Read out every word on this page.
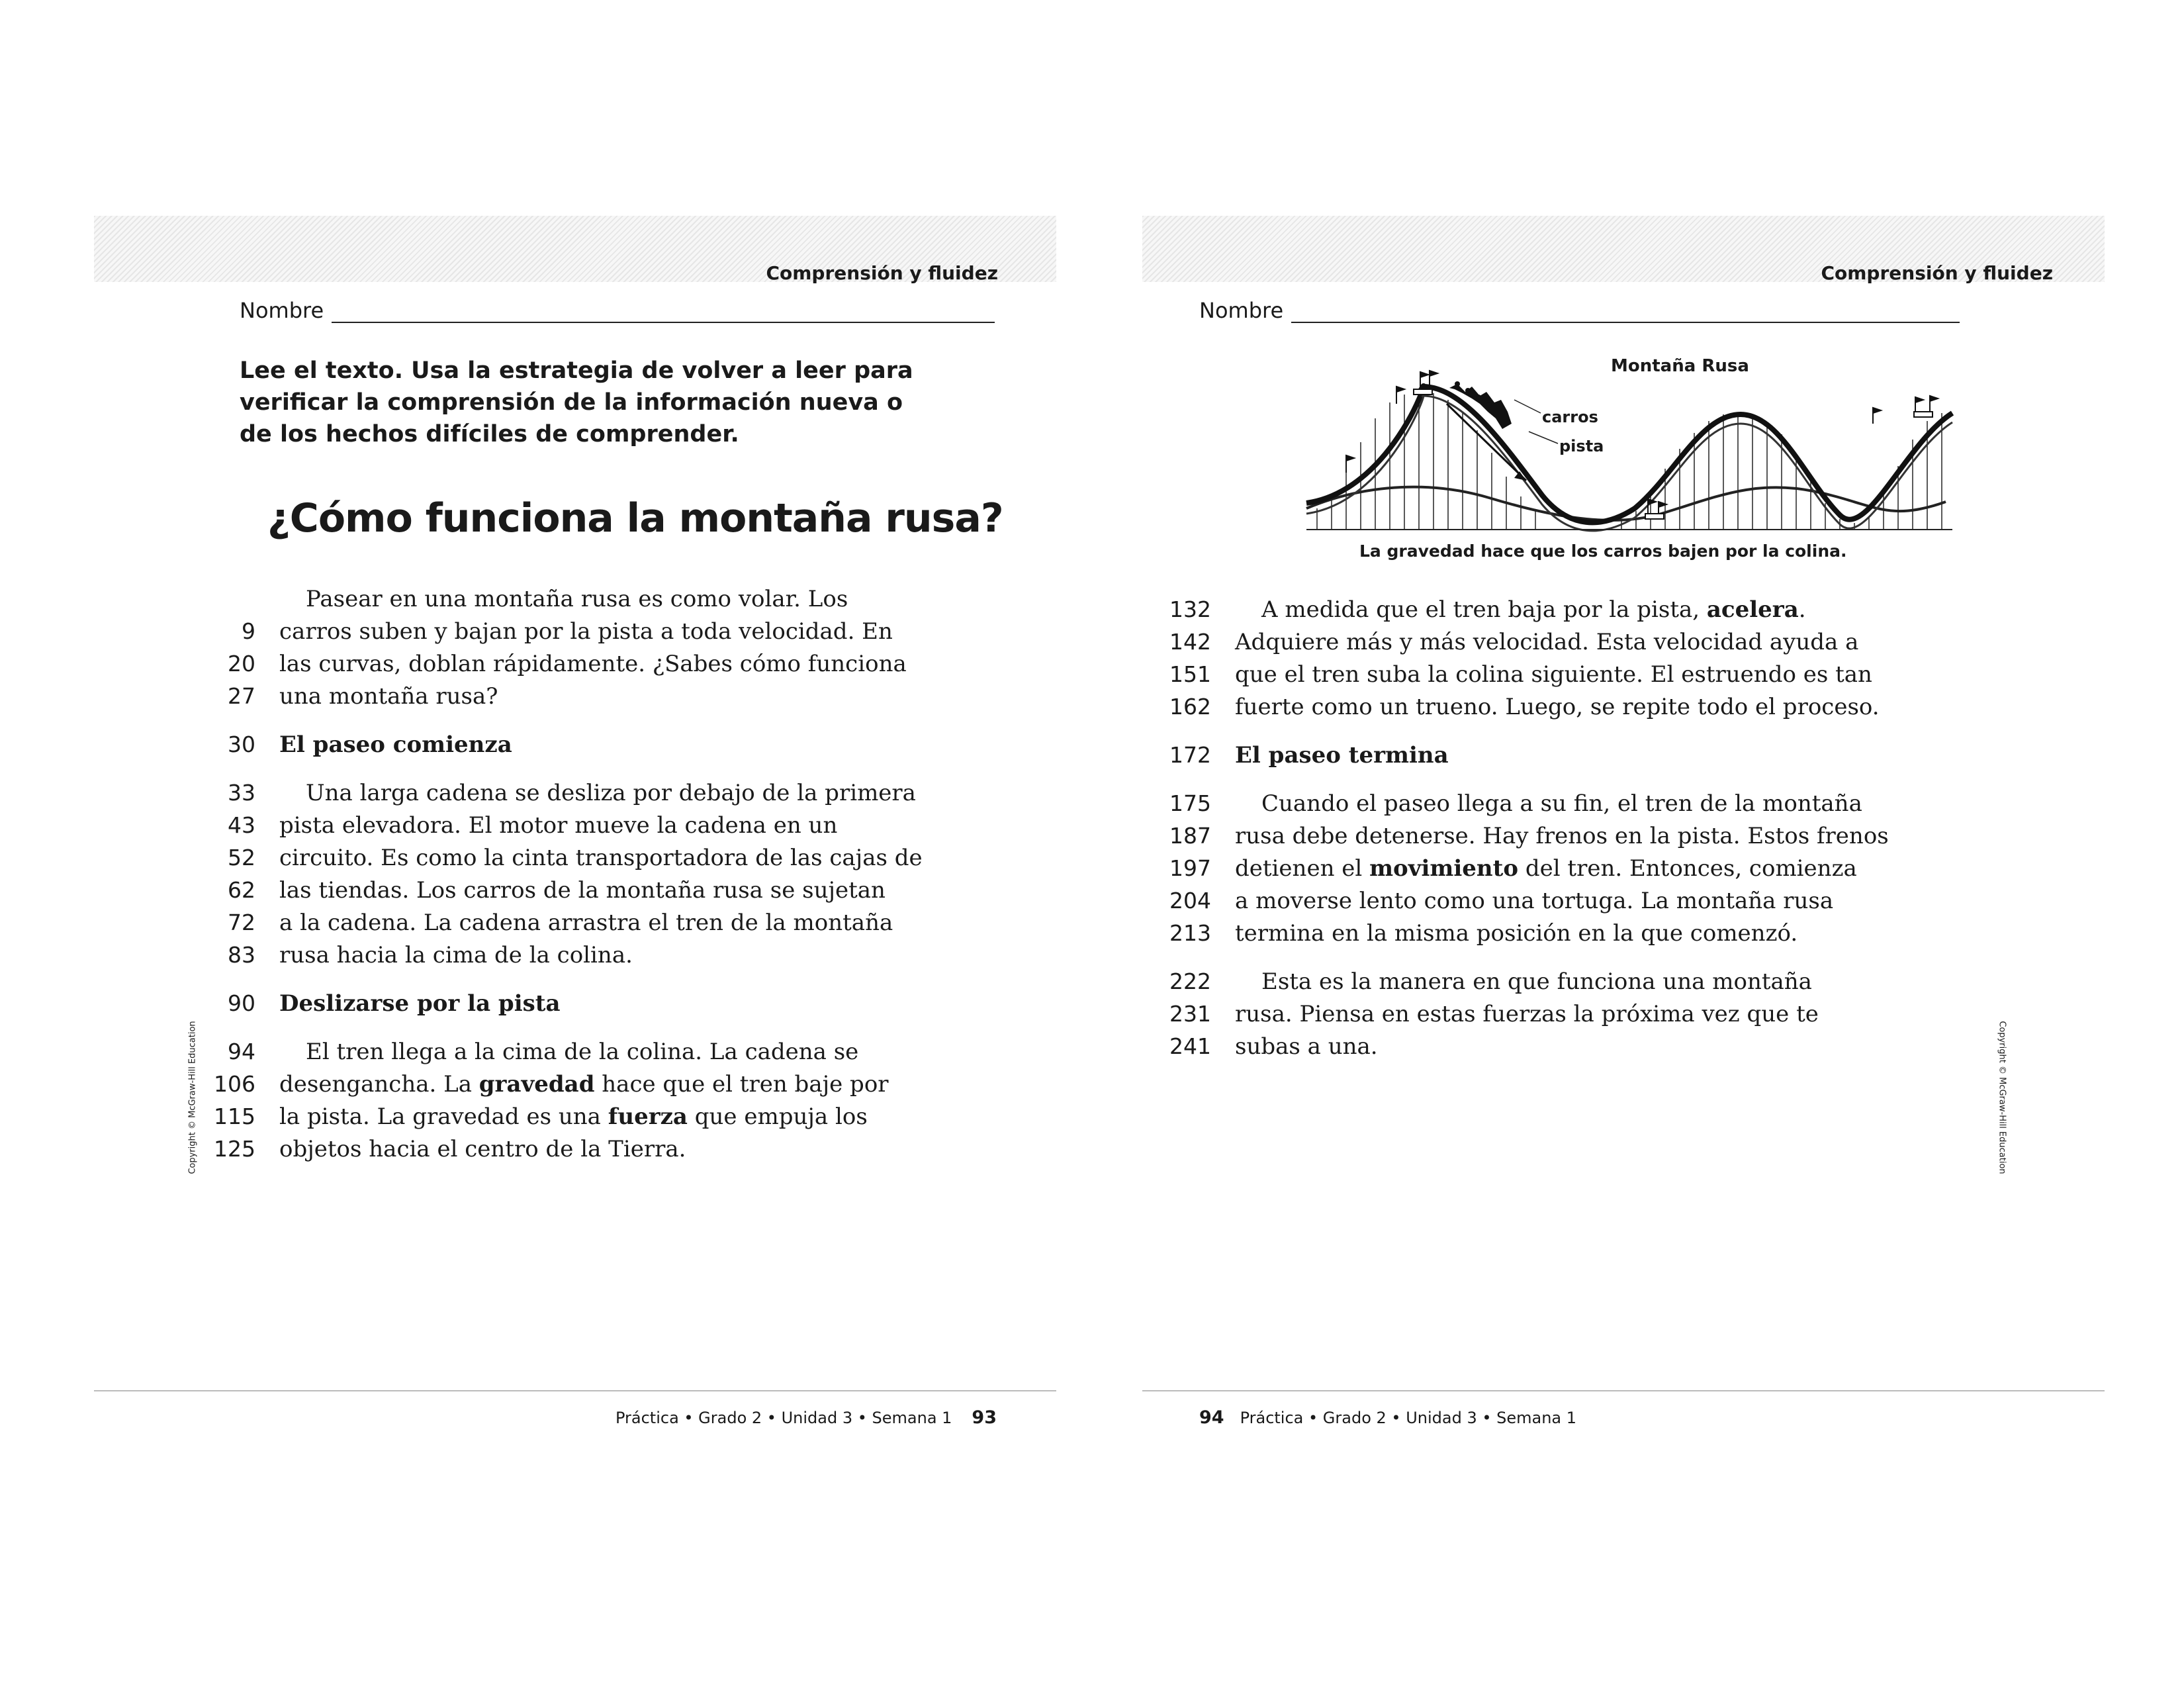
Comprensión y fluidez
Nombre

Lee el texto. Usa la estrategia de volver a leer para verificar la comprensión de la información nueva o de los hechos difíciles de comprender.

¿Cómo funciona la montaña rusa?
Pasear en una montaña rusa es como volar. Los
9 carros suben y bajan por la pista a toda velocidad. En
20 las curvas, doblan rápidamente. ¿Sabes cómo funciona
27 una montaña rusa?
30 El paseo comienza
33	Una larga cadena se desliza por debajo de la primera
43 pista elevadora. El motor mueve la cadena en un
52 circuito. Es como la cinta transportadora de las cajas de
62 las tiendas. Los carros de la montaña rusa se sujetan
72 a la cadena. La cadena arrastra el tren de la montaña
83 rusa hacia la cima de la colina.
90 Deslizarse por la pista
94	El tren llega a la cima de la colina. La cadena se
106 desengancha. La gravedad hace que el tren baje por
115 la pista. La gravedad es una fuerza que empuja los
125 objetos hacia el centro de la Tierra.
Copyright © McGraw-Hill Education
Práctica • Grado 2 • Unidad 3 • Semana 1 93
Comprensión y fluidez
Nombre
Montaña Rusa
carros
pista
La gravedad hace que los carros bajen por la colina.
132	A medida que el tren baja por la pista, acelera.
142 Adquiere más y más velocidad. Esta velocidad ayuda a
151 que el tren suba la colina siguiente. El estruendo es tan
162 fuerte como un trueno. Luego, se repite todo el proceso.
172 El paseo termina
175	Cuando el paseo llega a su fin, el tren de la montaña
187 rusa debe detenerse. Hay frenos en la pista. Estos frenos
197 detienen el movimiento del tren. Entonces, comienza
204 a moverse lento como una tortuga. La montaña rusa
213 termina en la misma posición en la que comenzó.
222	Esta es la manera en que funciona una montaña
231 rusa. Piensa en estas fuerzas la próxima vez que te
241 subas a una.	Copyright © McGraw-Hill Education
94 Práctica • Grado 2 • Unidad 3 • Semana 1
